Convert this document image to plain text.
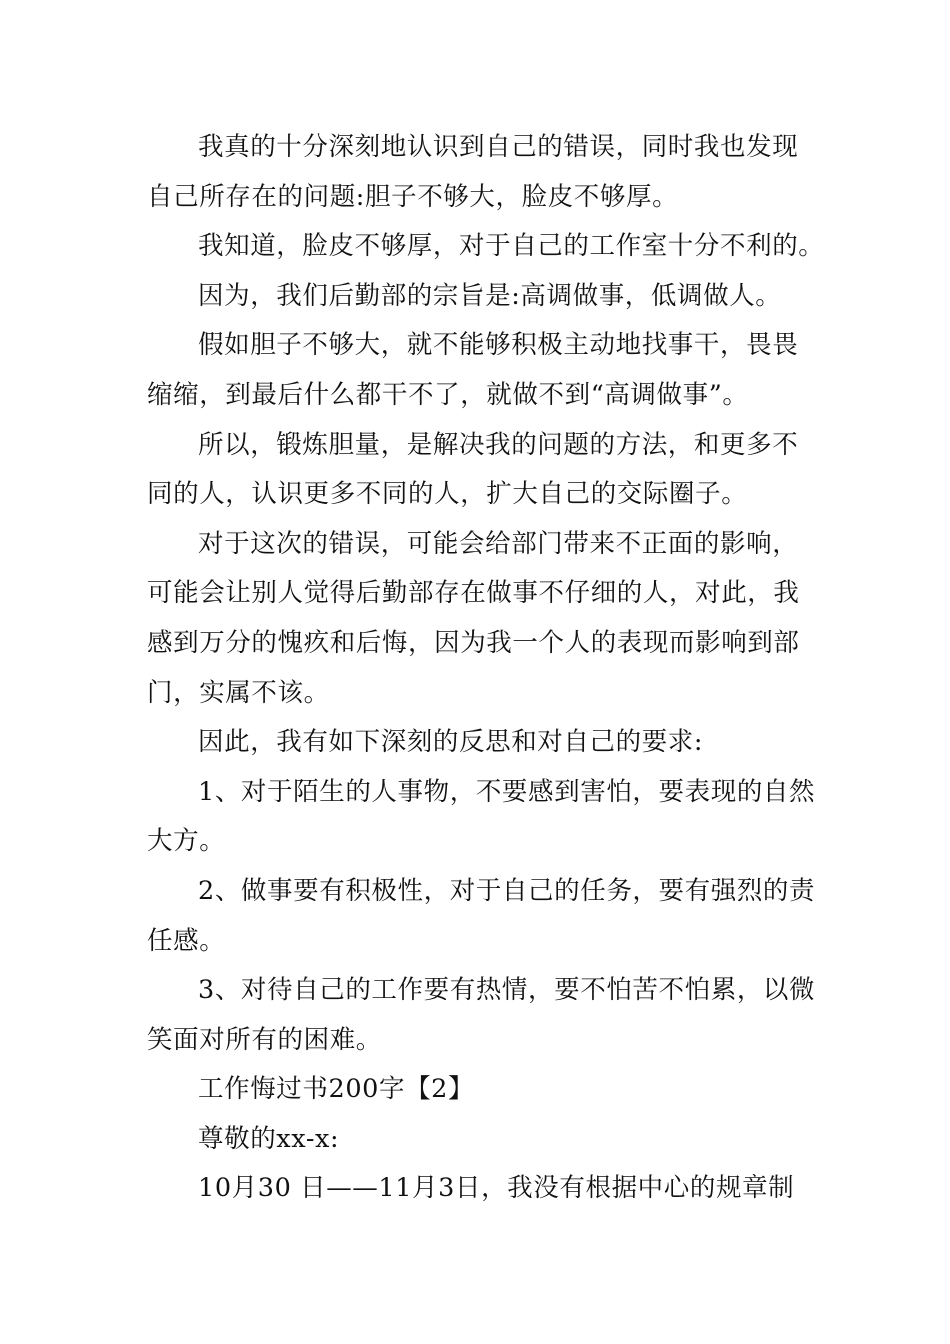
我真的十分深刻地认识到自己的错误，同时我也发现
自己所存在的问题:胆子不够大，脸皮不够厚。
我知道，脸皮不够厚，对于自己的工作室十分不利的。
因为，我们后勤部的宗旨是:高调做事，低调做人。
假如胆子不够大，就不能够积极主动地找事干，畏畏
缩缩，到最后什么都干不了，就做不到“高调做事”。
所以，锻炼胆量，是解决我的问题的方法，和更多不
同的人，认识更多不同的人，扩大自己的交际圈子。
对于这次的错误，可能会给部门带来不正面的影响，
可能会让别人觉得后勤部存在做事不仔细的人，对此，我
感到万分的愧疚和后悔，因为我一个人的表现而影响到部
门，实属不该。
因此，我有如下深刻的反思和对自己的要求:
1、对于陌生的人事物，不要感到害怕，要表现的自然
大方。
2、做事要有积极性，对于自己的任务，要有强烈的责
任感。
3、对待自己的工作要有热情，要不怕苦不怕累，以微
笑面对所有的困难。
工作悔过书200字【2】
尊敬的xx-x:
10月30 日——11月3日，我没有根据中心的规章制
